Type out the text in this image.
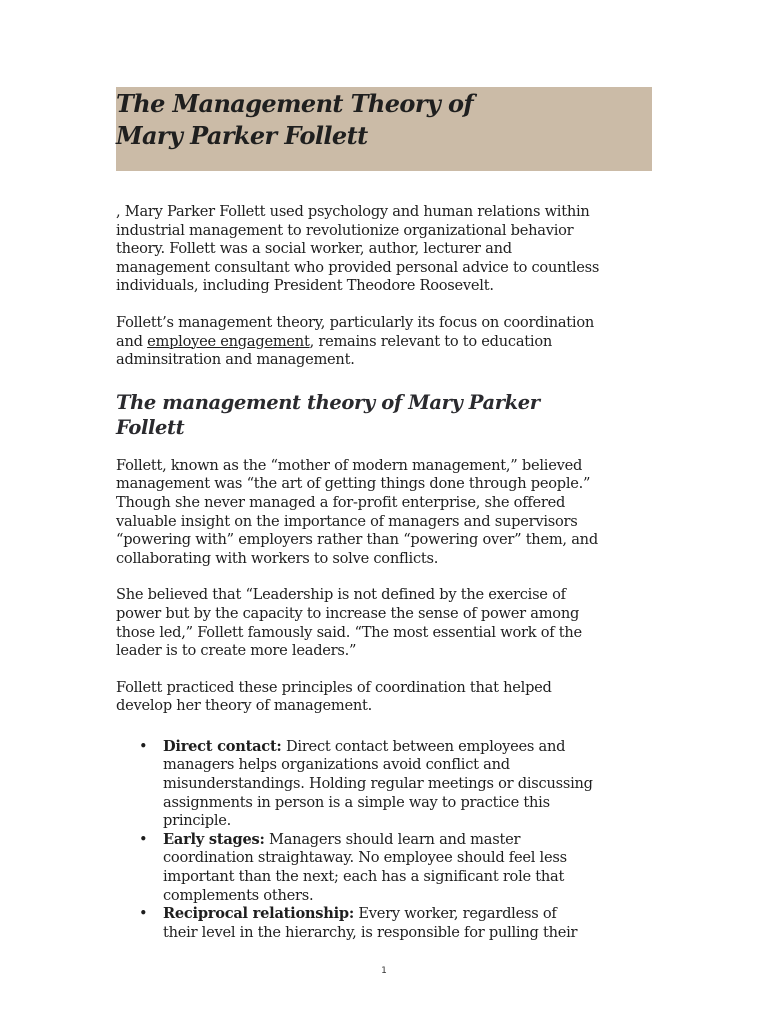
The Management Theory of
Mary Parker Follett

, Mary Parker Follett used psychology and human relations within
industrial management to revolutionize organizational behavior
theory. Follett was a social worker, author, lecturer and
management consultant who provided personal advice to countless
individuals, including President Theodore Roosevelt.

Follett’s management theory, particularly its focus on coordination
and employee engagement, remains relevant to to education
adminsitration and management.

The management theory of Mary Parker
Follett

Follett, known as the “mother of modern management,” believed
management was “the art of getting things done through people.”
Though she never managed a for-profit enterprise, she offered
valuable insight on the importance of managers and supervisors
“powering with” employers rather than “powering over” them, and
collaborating with workers to solve conflicts.

She believed that “Leadership is not defined by the exercise of
power but by the capacity to increase the sense of power among
those led,” Follett famously said. “The most essential work of the
leader is to create more leaders.”

Follett practiced these principles of coordination that helped
develop her theory of management.

• Direct contact: Direct contact between employees and
managers helps organizations avoid conflict and
misunderstandings. Holding regular meetings or discussing
assignments in person is a simple way to practice this
principle.
• Early stages: Managers should learn and master
coordination straightaway. No employee should feel less
important than the next; each has a significant role that
complements others.
• Reciprocal relationship: Every worker, regardless of
their level in the hierarchy, is responsible for pulling their
1
